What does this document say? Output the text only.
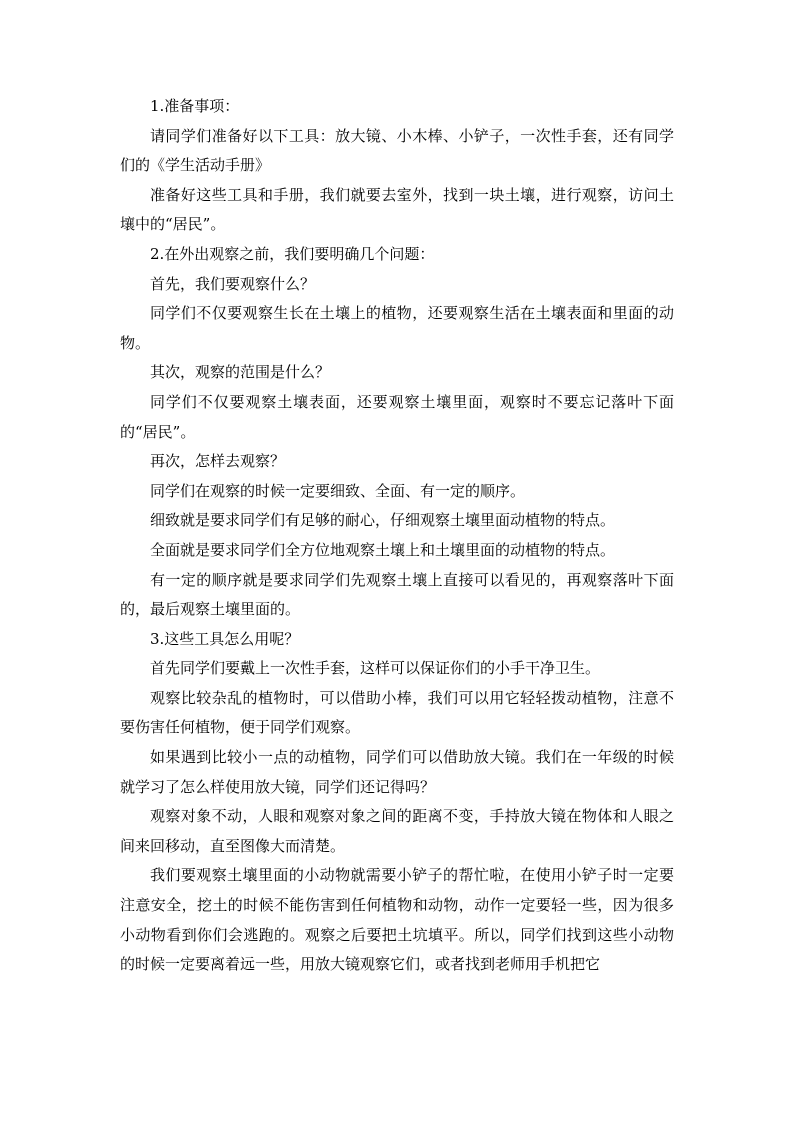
1.准备事项：

请同学们准备好以下工具：放大镜、小木棒、小铲子，一次性手套，还有同学们的《学生活动手册》

准备好这些工具和手册，我们就要去室外，找到一块土壤，进行观察，访问土壤中的“居民”。

2.在外出观察之前，我们要明确几个问题：

首先，我们要观察什么？

同学们不仅要观察生长在土壤上的植物，还要观察生活在土壤表面和里面的动物。

其次，观察的范围是什么？

同学们不仅要观察土壤表面，还要观察土壤里面，观察时不要忘记落叶下面的“居民”。

再次，怎样去观察？

同学们在观察的时候一定要细致、全面、有一定的顺序。

细致就是要求同学们有足够的耐心，仔细观察土壤里面动植物的特点。

全面就是要求同学们全方位地观察土壤上和土壤里面的动植物的特点。

有一定的顺序就是要求同学们先观察土壤上直接可以看见的，再观察落叶下面的，最后观察土壤里面的。

3.这些工具怎么用呢？

首先同学们要戴上一次性手套，这样可以保证你们的小手干净卫生。

观察比较杂乱的植物时，可以借助小棒，我们可以用它轻轻拨动植物，注意不要伤害任何植物，便于同学们观察。

如果遇到比较小一点的动植物，同学们可以借助放大镜。我们在一年级的时候就学习了怎么样使用放大镜，同学们还记得吗？

观察对象不动，人眼和观察对象之间的距离不变，手持放大镜在物体和人眼之间来回移动，直至图像大而清楚。

我们要观察土壤里面的小动物就需要小铲子的帮忙啦，在使用小铲子时一定要注意安全，挖土的时候不能伤害到任何植物和动物，动作一定要轻一些，因为很多小动物看到你们会逃跑的。观察之后要把土坑填平。所以，同学们找到这些小动物的时候一定要离着远一些，用放大镜观察它们，或者找到老师用手机把它
